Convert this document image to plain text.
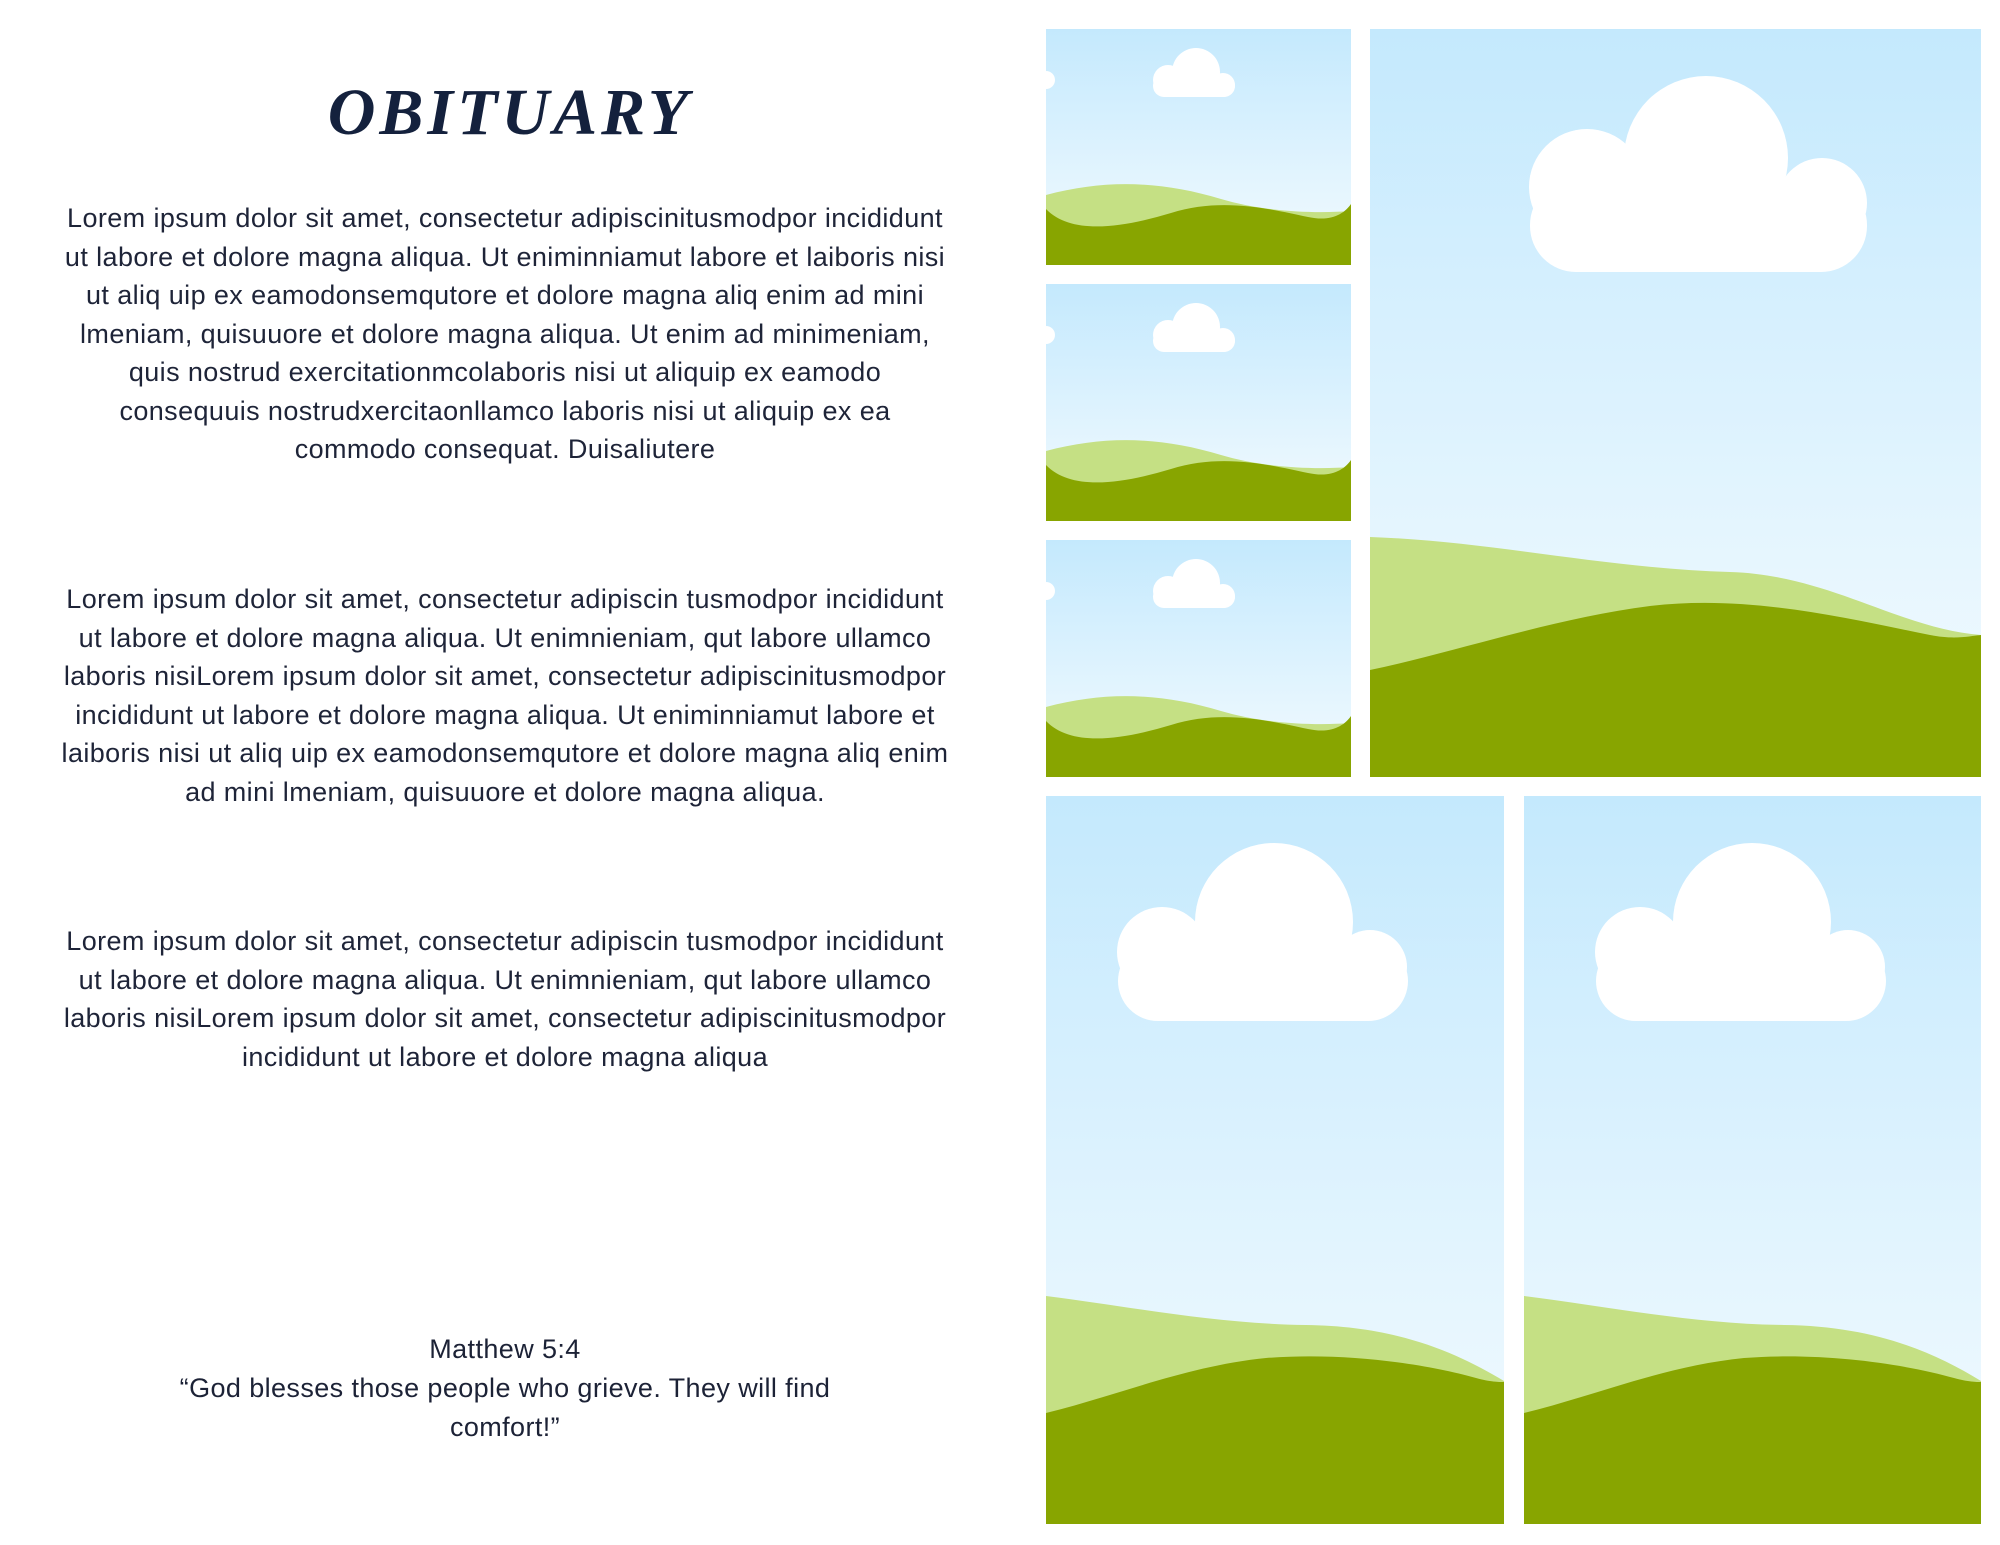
OBITUARY

Lorem ipsum dolor sit amet, consectetur adipiscinitusmodpor incididunt ut labore et dolore magna aliqua. Ut eniminniamut labore et laiboris nisi ut aliq uip ex eamodonsemqutore et dolore magna aliq enim ad mini lmeniam, quisuuore et dolore magna aliqua. Ut enim ad minimeniam, quis nostrud exercitationmcolaboris nisi ut aliquip ex eamodo consequuis nostrudxercitaonllamco laboris nisi ut aliquip ex ea commodo consequat. Duisaliutere

Lorem ipsum dolor sit amet, consectetur adipiscin tusmodpor incididunt ut labore et dolore magna aliqua. Ut enimnieniam, qut labore ullamco laboris nisiLorem ipsum dolor sit amet, consectetur adipiscinitusmodpor incididunt ut labore et dolore magna aliqua. Ut eniminniamut labore et laiboris nisi ut aliq uip ex eamodonsemqutore et dolore magna aliq enim ad mini lmeniam, quisuuore et dolore magna aliqua.

Lorem ipsum dolor sit amet, consectetur adipiscin tusmodpor incididunt ut labore et dolore magna aliqua. Ut enimnieniam, qut labore ullamco laboris nisiLorem ipsum dolor sit amet, consectetur adipiscinitusmodpor incididunt ut labore et dolore magna aliqua

Matthew 5:4

“God blesses those people who grieve. They will find comfort!”
